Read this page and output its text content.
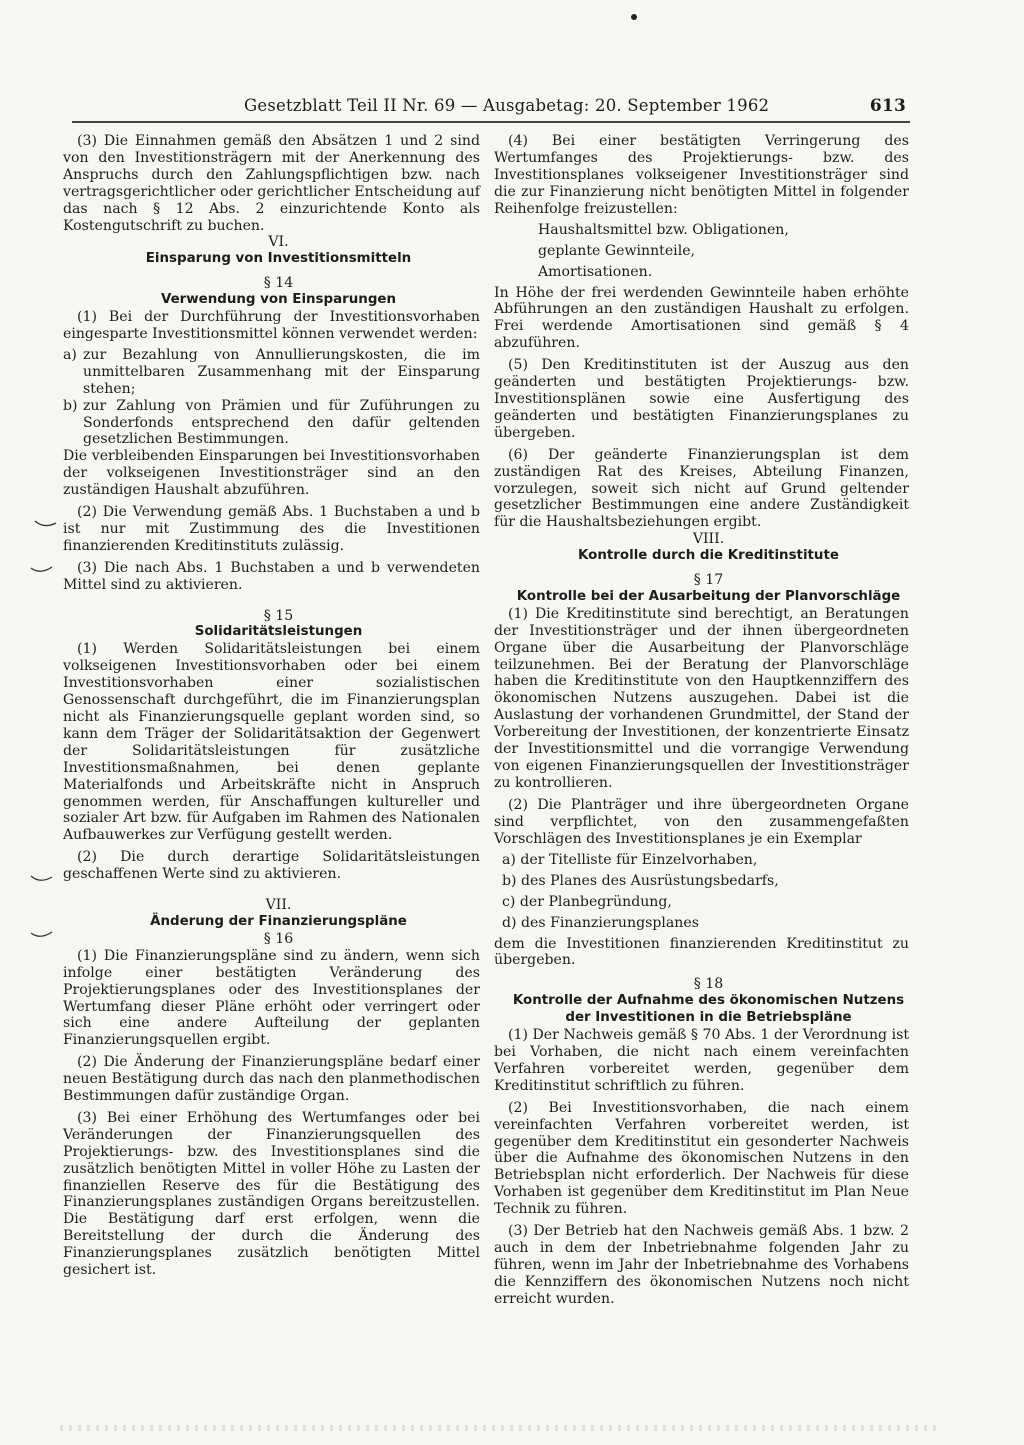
Gesetzblatt Teil II Nr. 69 — Ausgabetag: 20. September 1962	613

(3) Die Einnahmen gemäß den Absätzen 1 und 2 sind von den Investitionsträgern mit der Anerkennung des Anspruchs durch den Zahlungspflichtigen bzw. nach vertragsgerichtlicher oder gerichtlicher Entscheidung auf das nach § 12 Abs. 2 einzurichtende Konto als Kostengutschrift zu buchen.

VI.

Einsparung von Investitionsmitteln

§ 14

Verwendung von Einsparungen

(1) Bei der Durchführung der Investitionsvorhaben eingesparte Investitionsmittel können verwendet werden:

a) zur Bezahlung von Annullierungskosten, die im unmittelbaren Zusammenhang mit der Einsparung stehen;
b) zur Zahlung von Prämien und für Zuführungen zu Sonderfonds entsprechend den dafür geltenden gesetzlichen Bestimmungen.

Die verbleibenden Einsparungen bei Investitionsvorhaben der volkseigenen Investitionsträger sind an den zuständigen Haushalt abzuführen.

(2) Die Verwendung gemäß Abs. 1 Buchstaben a und b ist nur mit Zustimmung des die Investitionen finanzierenden Kreditinstituts zulässig.

(3) Die nach Abs. 1 Buchstaben a und b verwendeten Mittel sind zu aktivieren.

§ 15

Solidaritätsleistungen

(1) Werden Solidaritätsleistungen bei einem volkseigenen Investitionsvorhaben oder bei einem Investitionsvorhaben einer sozialistischen Genossenschaft durchgeführt, die im Finanzierungsplan nicht als Finanzierungsquelle geplant worden sind, so kann dem Träger der Solidaritätsaktion der Gegenwert der Solidaritätsleistungen für zusätzliche Investitionsmaßnahmen, bei denen geplante Materialfonds und Arbeitskräfte nicht in Anspruch genommen werden, für Anschaffungen kultureller und sozialer Art bzw. für Aufgaben im Rahmen des Nationalen Aufbauwerkes zur Verfügung gestellt werden.

(2) Die durch derartige Solidaritätsleistungen geschaffenen Werte sind zu aktivieren.

VII.

Änderung der Finanzierungspläne

§ 16

(1) Die Finanzierungspläne sind zu ändern, wenn sich infolge einer bestätigten Veränderung des Projektierungsplanes oder des Investitionsplanes der Wertumfang dieser Pläne erhöht oder verringert oder sich eine andere Aufteilung der geplanten Finanzierungsquellen ergibt.

(2) Die Änderung der Finanzierungspläne bedarf einer neuen Bestätigung durch das nach den planmethodischen Bestimmungen dafür zuständige Organ.

(3) Bei einer Erhöhung des Wertumfanges oder bei Veränderungen der Finanzierungsquellen des Projektierungs- bzw. des Investitionsplanes sind die zusätzlich benötigten Mittel in voller Höhe zu Lasten der finanziellen Reserve des für die Bestätigung des Finanzierungsplanes zuständigen Organs bereitzustellen. Die Bestätigung darf erst erfolgen, wenn die Bereitstellung der durch die Änderung des Finanzierungsplanes zusätzlich benötigten Mittel gesichert ist.

(4) Bei einer bestätigten Verringerung des Wertumfanges des Projektierungs- bzw. des Investitionsplanes volkseigener Investitionsträger sind die zur Finanzierung nicht benötigten Mittel in folgender Reihenfolge freizustellen:

Haushaltsmittel bzw. Obligationen,
geplante Gewinnteile,
Amortisationen.

In Höhe der frei werdenden Gewinnteile haben erhöhte Abführungen an den zuständigen Haushalt zu erfolgen. Frei werdende Amortisationen sind gemäß § 4 abzuführen.

(5) Den Kreditinstituten ist der Auszug aus den geänderten und bestätigten Projektierungs- bzw. Investitionsplänen sowie eine Ausfertigung des geänderten und bestätigten Finanzierungsplanes zu übergeben.

(6) Der geänderte Finanzierungsplan ist dem zuständigen Rat des Kreises, Abteilung Finanzen, vorzulegen, soweit sich nicht auf Grund geltender gesetzlicher Bestimmungen eine andere Zuständigkeit für die Haushaltsbeziehungen ergibt.

VIII.

Kontrolle durch die Kreditinstitute

§ 17

Kontrolle bei der Ausarbeitung der Planvorschläge

(1) Die Kreditinstitute sind berechtigt, an Beratungen der Investitionsträger und der ihnen übergeordneten Organe über die Ausarbeitung der Planvorschläge teilzunehmen. Bei der Beratung der Planvorschläge haben die Kreditinstitute von den Hauptkennziffern des ökonomischen Nutzens auszugehen. Dabei ist die Auslastung der vorhandenen Grundmittel, der Stand der Vorbereitung der Investitionen, der konzentrierte Einsatz der Investitionsmittel und die vorrangige Verwendung von eigenen Finanzierungsquellen der Investitionsträger zu kontrollieren.

(2) Die Planträger und ihre übergeordneten Organe sind verpflichtet, von den zusammengefaßten Vorschlägen des Investitionsplanes je ein Exemplar

a) der Titelliste für Einzelvorhaben,
b) des Planes des Ausrüstungsbedarfs,
c) der Planbegründung,
d) des Finanzierungsplanes

dem die Investitionen finanzierenden Kreditinstitut zu übergeben.

§ 18

Kontrolle der Aufnahme des ökonomischen Nutzens

der Investitionen in die Betriebspläne

(1) Der Nachweis gemäß § 70 Abs. 1 der Verordnung ist bei Vorhaben, die nicht nach einem vereinfachten Verfahren vorbereitet werden, gegenüber dem Kreditinstitut schriftlich zu führen.

(2) Bei Investitionsvorhaben, die nach einem vereinfachten Verfahren vorbereitet werden, ist gegenüber dem Kreditinstitut ein gesonderter Nachweis über die Aufnahme des ökonomischen Nutzens in den Betriebsplan nicht erforderlich. Der Nachweis für diese Vorhaben ist gegenüber dem Kreditinstitut im Plan Neue Technik zu führen.

(3) Der Betrieb hat den Nachweis gemäß Abs. 1 bzw. 2 auch in dem der Inbetriebnahme folgenden Jahr zu führen, wenn im Jahr der Inbetriebnahme des Vorhabens die Kennziffern des ökonomischen Nutzens noch nicht erreicht wurden.
